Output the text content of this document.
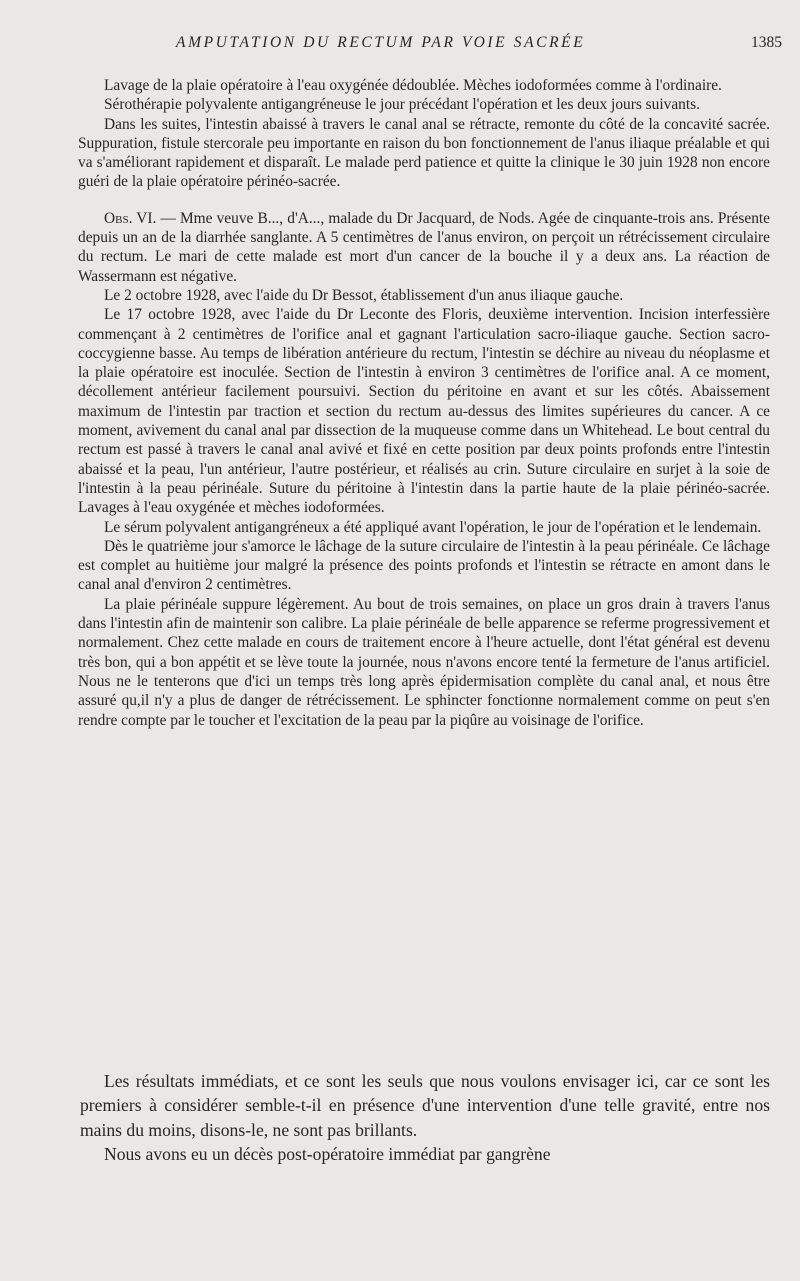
AMPUTATION DU RECTUM PAR VOIE SACRÉE	1385

Lavage de la plaie opératoire à l'eau oxygénée dédoublée. Mèches iodoformées comme à l'ordinaire.

Sérothérapie polyvalente antigangréneuse le jour précédant l'opération et les deux jours suivants.

Dans les suites, l'intestin abaissé à travers le canal anal se rétracte, remonte du côté de la concavité sacrée. Suppuration, fistule stercorale peu importante en raison du bon fonctionnement de l'anus iliaque préalable et qui va s'améliorant rapidement et disparaît. Le malade perd patience et quitte la clinique le 30 juin 1928 non encore guéri de la plaie opératoire périnéo-sacrée.

Obs. VI. — Mme veuve B..., d'A..., malade du Dr Jacquard, de Nods. Agée de cinquante-trois ans. Présente depuis un an de la diarrhée sanglante. A 5 centimètres de l'anus environ, on perçoit un rétrécissement circulaire du rectum. Le mari de cette malade est mort d'un cancer de la bouche il y a deux ans. La réaction de Wassermann est négative.

Le 2 octobre 1928, avec l'aide du Dr Bessot, établissement d'un anus iliaque gauche.

Le 17 octobre 1928, avec l'aide du Dr Leconte des Floris, deuxième intervention. Incision interfessière commençant à 2 centimètres de l'orifice anal et gagnant l'articulation sacro-iliaque gauche. Section sacro-coccygienne basse. Au temps de libération antérieure du rectum, l'intestin se déchire au niveau du néoplasme et la plaie opératoire est inoculée. Section de l'intestin à environ 3 centimètres de l'orifice anal. A ce moment, décollement antérieur facilement poursuivi. Section du péritoine en avant et sur les côtés. Abaissement maximum de l'intestin par traction et section du rectum au-dessus des limites supérieures du cancer. A ce moment, avivement du canal anal par dissection de la muqueuse comme dans un Whitehead. Le bout central du rectum est passé à travers le canal anal avivé et fixé en cette position par deux points profonds entre l'intestin abaissé et la peau, l'un antérieur, l'autre postérieur, et réalisés au crin. Suture circulaire en surjet à la soie de l'intestin à la peau périnéale. Suture du péritoine à l'intestin dans la partie haute de la plaie périnéo-sacrée. Lavages à l'eau oxygénée et mèches iodoformées.

Le sérum polyvalent antigangréneux a été appliqué avant l'opération, le jour de l'opération et le lendemain.

Dès le quatrième jour s'amorce le lâchage de la suture circulaire de l'intestin à la peau périnéale. Ce lâchage est complet au huitième jour malgré la présence des points profonds et l'intestin se rétracte en amont dans le canal anal d'environ 2 centimètres.

La plaie périnéale suppure légèrement. Au bout de trois semaines, on place un gros drain à travers l'anus dans l'intestin afin de maintenir son calibre. La plaie périnéale de belle apparence se referme progressivement et normalement. Chez cette malade en cours de traitement encore à l'heure actuelle, dont l'état général est devenu très bon, qui a bon appétit et se lève toute la journée, nous n'avons encore tenté la fermeture de l'anus artificiel. Nous ne le tenterons que d'ici un temps très long après épidermisation complète du canal anal, et nous être assuré qu,il n'y a plus de danger de rétrécissement. Le sphincter fonctionne normalement comme on peut s'en rendre compte par le toucher et l'excitation de la peau par la piqûre au voisinage de l'orifice.

Les résultats immédiats, et ce sont les seuls que nous voulons envisager ici, car ce sont les premiers à considérer semble-t-il en présence d'une intervention d'une telle gravité, entre nos mains du moins, disons-le, ne sont pas brillants.

Nous avons eu un décès post-opératoire immédiat par gangrène
